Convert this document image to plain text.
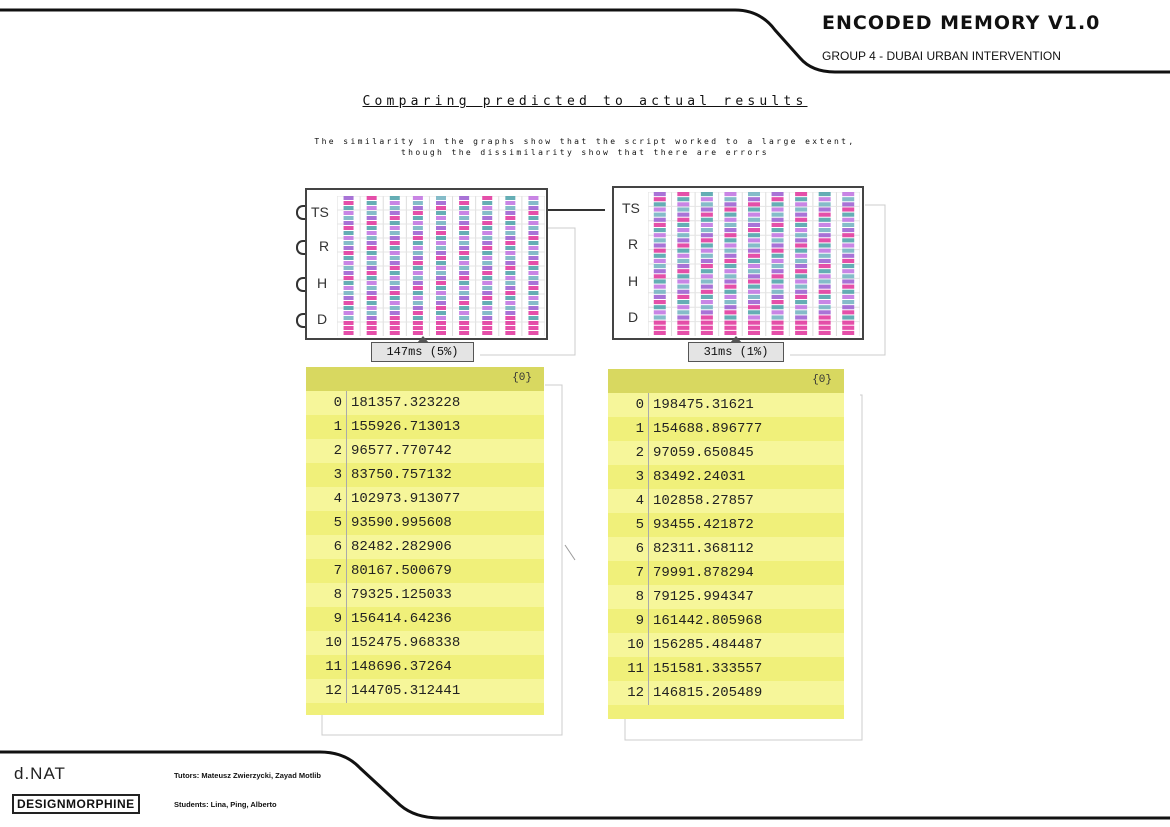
ENCODED MEMORY V1.0
GROUP 4 - DUBAI URBAN INTERVENTION
Comparing predicted to actual results
The similarity in the graphs show that the script worked to a large extent,
though the dissimilarity show that there are errors
TS
R
H
D
147ms (5%)
TS
R
H
D
31ms (1%)
{0}
0 181357.323228
1 155926.713013
2 96577.770742
3 83750.757132
4 102973.913077
5 93590.995608
6 82482.282906
7 80167.500679
8 79325.125033
9 156414.64236
10 152475.968338
11 148696.37264
12 144705.312441
{0}
0 198475.31621
1 154688.896777
2 97059.650845
3 83492.24031
4 102858.27857
5 93455.421872
6 82311.368112
7 79991.878294
8 79125.994347
9 161442.805968
10 156285.484487
11 151581.333557
12 146815.205489
d.NAT
DESIGNMORPHINE
Tutors: Mateusz Zwierzycki, Zayad Motlib
Students: Lina, Ping, Alberto
